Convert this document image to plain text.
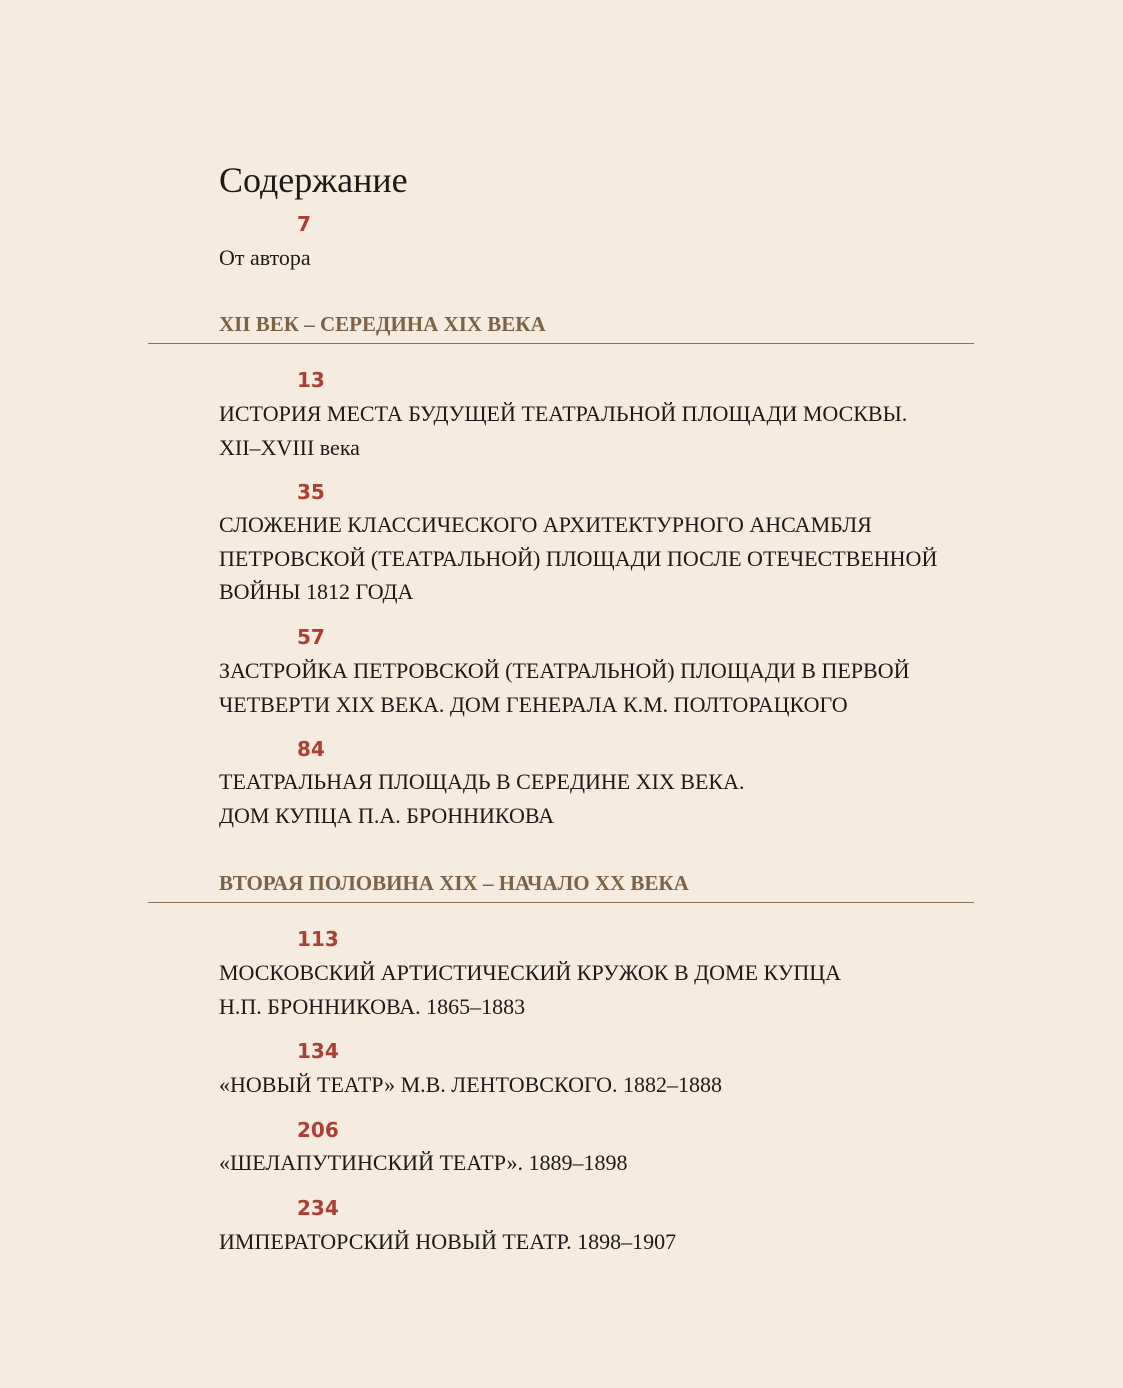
Содержание
7
От автора
XII ВЕК – СЕРЕДИНА XIX ВЕКА
13
ИСТОРИЯ МЕСТА БУДУЩЕЙ ТЕАТРАЛЬНОЙ ПЛОЩАДИ МОСКВЫ.
XII–XVIII века
35
СЛОЖЕНИЕ КЛАССИЧЕСКОГО АРХИТЕКТУРНОГО АНСАМБЛЯ
ПЕТРОВСКОЙ (ТЕАТРАЛЬНОЙ) ПЛОЩАДИ ПОСЛЕ ОТЕЧЕСТВЕННОЙ
ВОЙНЫ 1812 ГОДА
57
ЗАСТРОЙКА ПЕТРОВСКОЙ (ТЕАТРАЛЬНОЙ) ПЛОЩАДИ В ПЕРВОЙ
ЧЕТВЕРТИ XIX ВЕКА. ДОМ ГЕНЕРАЛА К.М. ПОЛТОРАЦКОГО
84
ТЕАТРАЛЬНАЯ ПЛОЩАДЬ В СЕРЕДИНЕ XIX ВЕКА.
ДОМ КУПЦА П.А. БРОННИКОВА
ВТОРАЯ ПОЛОВИНА XIX – НАЧАЛО XX ВЕКА
113
МОСКОВСКИЙ АРТИСТИЧЕСКИЙ КРУЖОК В ДОМЕ КУПЦА
Н.П. БРОННИКОВА. 1865–1883
134
«НОВЫЙ ТЕАТР» М.В. ЛЕНТОВСКОГО. 1882–1888
206
«ШЕЛАПУТИНСКИЙ ТЕАТР». 1889–1898
234
ИМПЕРАТОРСКИЙ НОВЫЙ ТЕАТР. 1898–1907
